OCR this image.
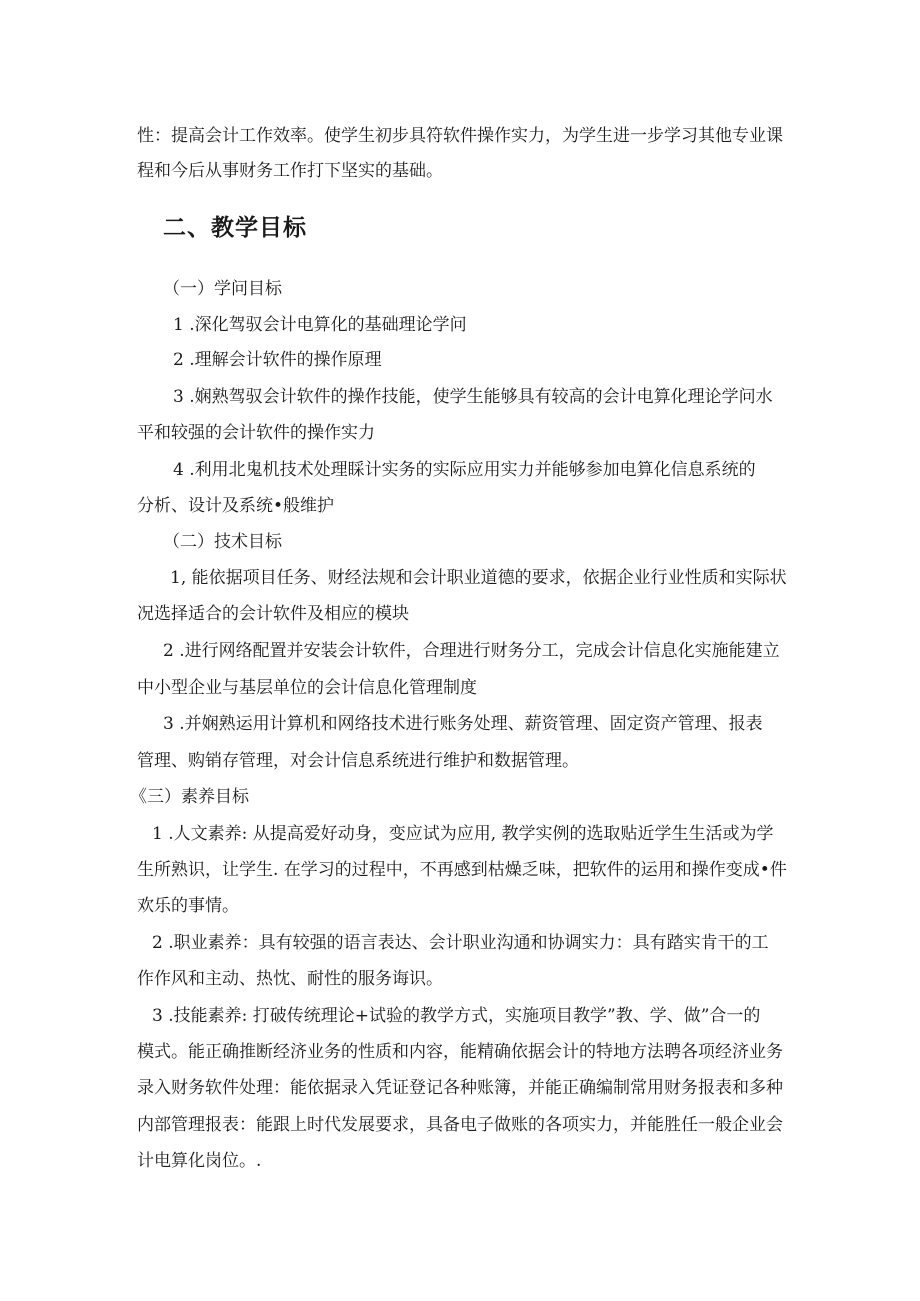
性：提高会计工作效率。使学生初步具符软件操作实力，为学生进一步学习其他专业课
程和今后从事财务工作打下坚实的基础。
二、教学目标
（一）学问目标
1 .深化驾驭会计电算化的基础理论学问
2 .理解会计软件的操作原理
3 .娴熟驾驭会计软件的操作技能，使学生能够具有较高的会计电算化理论学问水
平和较强的会计软件的操作实力
4 .利用北鬼机技术处理睬计实务的实际应用实力并能够参加电算化信息系统的
分析、设计及系统•般维护
（二）技术目标
1, 能依据项目任务、财经法规和会计职业道德的要求，依据企业行业性质和实际状
况选择适合的会计软件及相应的模块
2 .进行网络配置并安装会计软件，合理进行财务分工，完成会计信息化实施能建立
中小型企业与基层单位的会计信息化管理制度
3 .并娴熟运用计算机和网络技术进行账务处理、薪资管理、固定资产管理、报表
管理、购销存管理，对会计信息系统进行维护和数据管理。
《三）素养目标
1 .人文素养: 从提高爱好动身，变应试为应用, 教学实例的选取贴近学生生活或为学
生所熟识，让学生. 在学习的过程中，不再感到枯燥乏味，把软件的运用和操作变成•件
欢乐的事情。
2 .职业素养：具有较强的语言表达、会计职业沟通和协调实力：具有踏实肯干的工
作作风和主动、热忱、耐性的服务诲识。
3 .技能素养: 打破传统理论+试验的教学方式，实施项目教学”教、学、做”合一的
模式。能正确推断经济业务的性质和内容，能精确依据会计的特地方法聘各项经济业务
录入财务软件处理：能依据录入凭证登记各种账簿，并能正确编制常用财务报表和多种
内部管理报表：能跟上时代发展要求，具备电子做账的各项实力，并能胜任一般企业会
计电算化岗位。.
